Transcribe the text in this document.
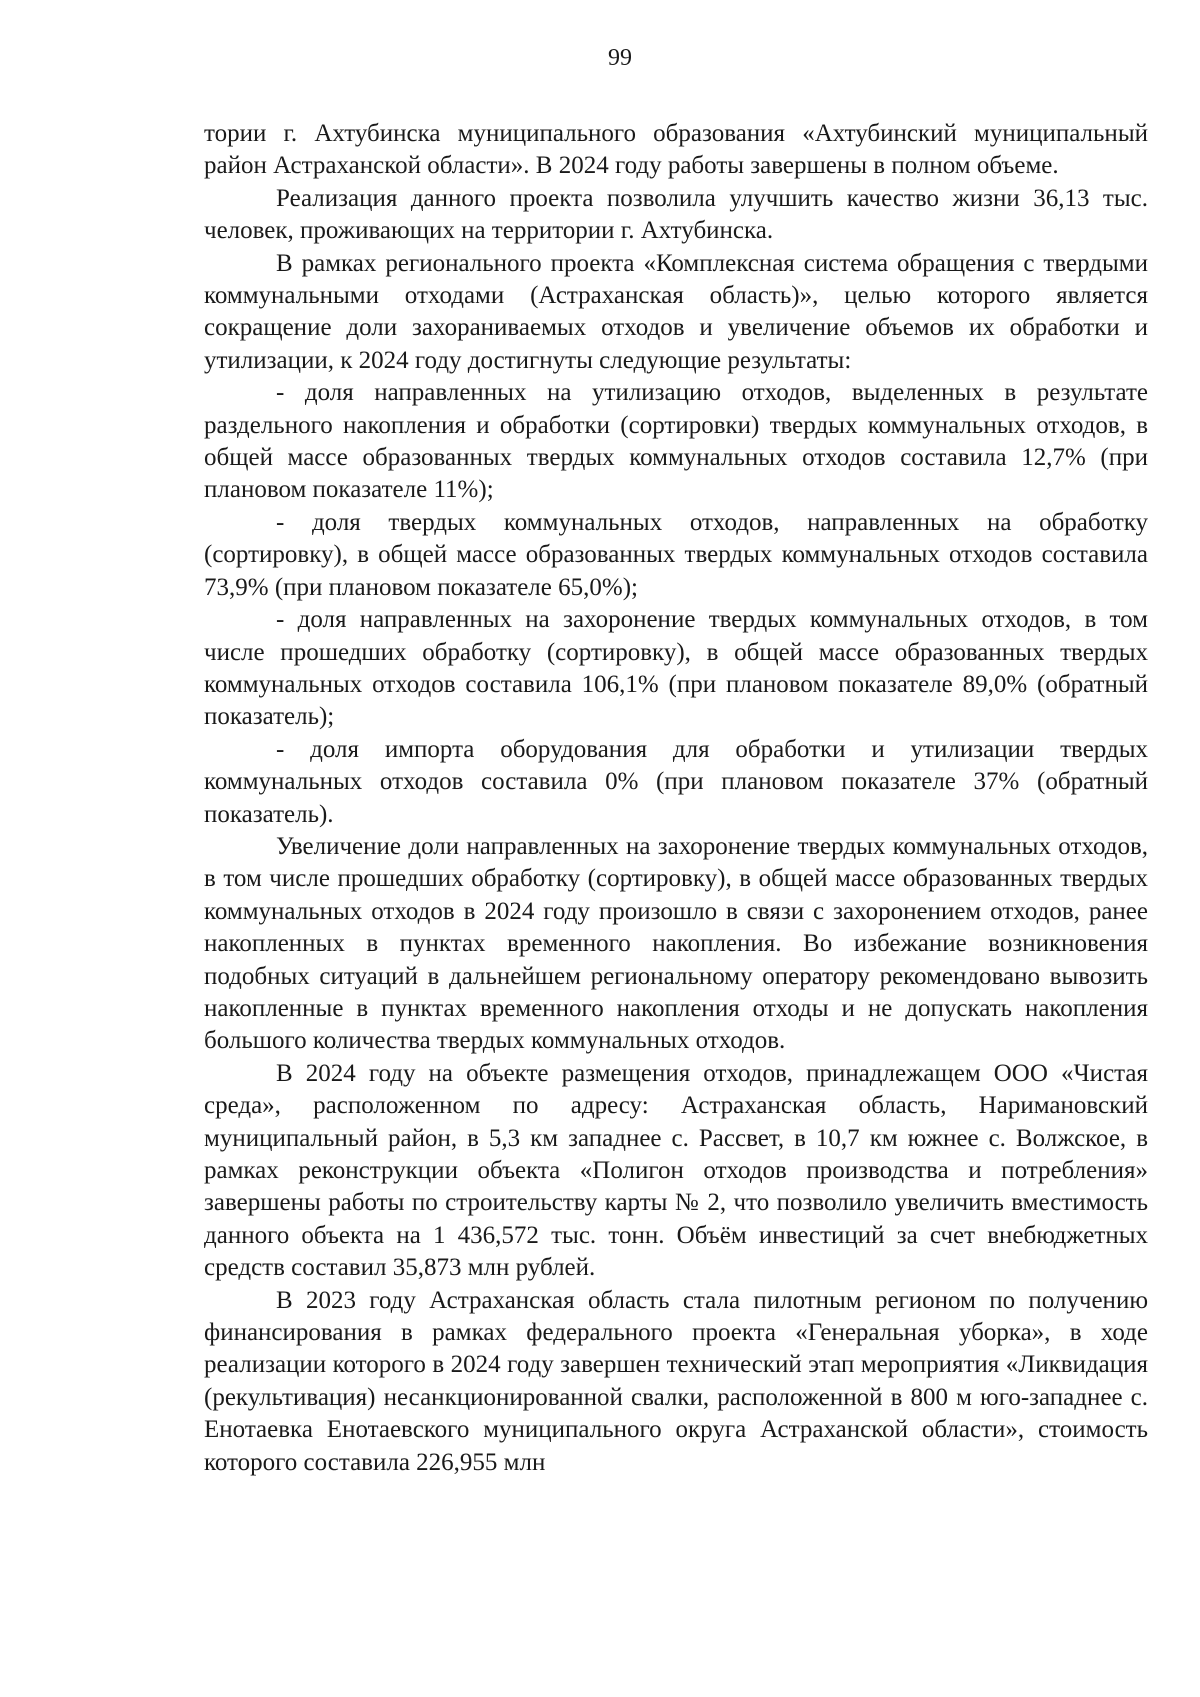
99

тории г. Ахтубинска муниципального образования «Ахтубинский муниципальный район Астраханской области». В 2024 году работы завершены в полном объеме.

Реализация данного проекта позволила улучшить качество жизни 36,13 тыс. человек, проживающих на территории г. Ахтубинска.

В рамках регионального проекта «Комплексная система обращения с твердыми коммунальными отходами (Астраханская область)», целью которого является сокращение доли захораниваемых отходов и увеличение объемов их обработки и утилизации, к 2024 году достигнуты следующие результаты:

- доля направленных на утилизацию отходов, выделенных в результате раздельного накопления и обработки (сортировки) твердых коммунальных отходов, в общей массе образованных твердых коммунальных отходов составила 12,7% (при плановом показателе 11%);

- доля твердых коммунальных отходов, направленных на обработку (сортировку), в общей массе образованных твердых коммунальных отходов составила 73,9% (при плановом показателе 65,0%);

- доля направленных на захоронение твердых коммунальных отходов, в том числе прошедших обработку (сортировку), в общей массе образованных твердых коммунальных отходов составила 106,1% (при плановом показателе 89,0% (обратный показатель);

- доля импорта оборудования для обработки и утилизации твердых коммунальных отходов составила 0% (при плановом показателе 37% (обратный показатель).

Увеличение доли направленных на захоронение твердых коммунальных отходов, в том числе прошедших обработку (сортировку), в общей массе образованных твердых коммунальных отходов в 2024 году произошло в связи с захоронением отходов, ранее накопленных в пунктах временного накопления. Во избежание возникновения подобных ситуаций в дальнейшем региональному оператору рекомендовано вывозить накопленные в пунктах временного накопления отходы и не допускать накопления большого количества твердых коммунальных отходов.

В 2024 году на объекте размещения отходов, принадлежащем ООО «Чистая среда», расположенном по адресу: Астраханская область, Наримановский муниципальный район, в 5,3 км западнее с. Рассвет, в 10,7 км южнее с. Волжское, в рамках реконструкции объекта «Полигон отходов производства и потребления» завершены работы по строительству карты № 2, что позволило увеличить вместимость данного объекта на 1 436,572 тыс. тонн. Объём инвестиций за счет внебюджетных средств составил 35,873 млн рублей.

В 2023 году Астраханская область стала пилотным регионом по получению финансирования в рамках федерального проекта «Генеральная уборка», в ходе реализации которого в 2024 году завершен технический этап мероприятия «Ликвидация (рекультивация) несанкционированной свалки, расположенной в 800 м юго-западнее с. Енотаевка Енотаевского муниципального округа Астраханской области», стоимость которого составила 226,955 млн
